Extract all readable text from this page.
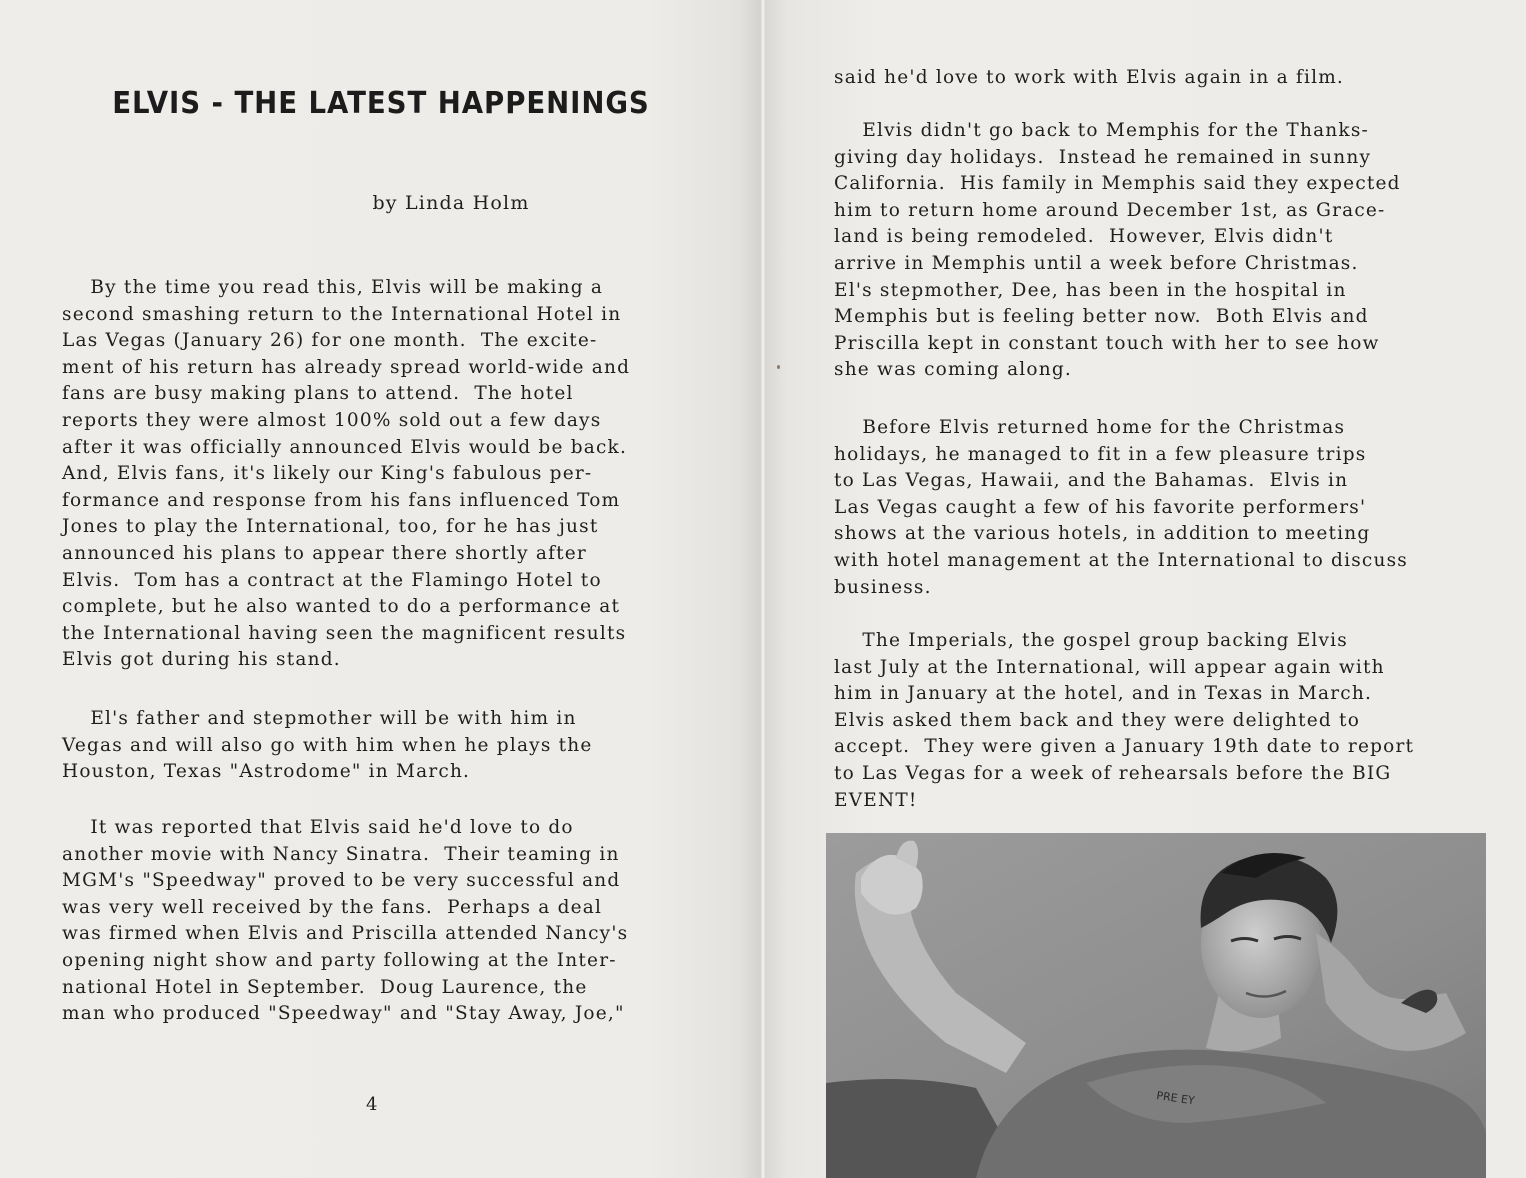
ELVIS - THE LATEST HAPPENINGS

by Linda Holm

By the time you read this, Elvis will be making a
second smashing return to the International Hotel in
Las Vegas (January 26) for one month.  The excite-
ment of his return has already spread world-wide and
fans are busy making plans to attend.  The hotel
reports they were almost 100% sold out a few days
after it was officially announced Elvis would be back.
And, Elvis fans, it's likely our King's fabulous per-
formance and response from his fans influenced Tom
Jones to play the International, too, for he has just
announced his plans to appear there shortly after
Elvis.  Tom has a contract at the Flamingo Hotel to
complete, but he also wanted to do a performance at
the International having seen the magnificent results
Elvis got during his stand.

El's father and stepmother will be with him in
Vegas and will also go with him when he plays the
Houston, Texas "Astrodome" in March.

It was reported that Elvis said he'd love to do
another movie with Nancy Sinatra.  Their teaming in
MGM's "Speedway" proved to be very successful and
was very well received by the fans.  Perhaps a deal
was firmed when Elvis and Priscilla attended Nancy's
opening night show and party following at the Inter-
national Hotel in September.  Doug Laurence, the
man who produced "Speedway" and "Stay Away, Joe,"

4

said he'd love to work with Elvis again in a film.

Elvis didn't go back to Memphis for the Thanks-
giving day holidays.  Instead he remained in sunny
California.  His family in Memphis said they expected
him to return home around December 1st, as Grace-
land is being remodeled.  However, Elvis didn't
arrive in Memphis until a week before Christmas.
El's stepmother, Dee, has been in the hospital in
Memphis but is feeling better now.  Both Elvis and
Priscilla kept in constant touch with her to see how
she was coming along.

Before Elvis returned home for the Christmas
holidays, he managed to fit in a few pleasure trips
to Las Vegas, Hawaii, and the Bahamas.  Elvis in
Las Vegas caught a few of his favorite performers'
shows at the various hotels, in addition to meeting
with hotel management at the International to discuss
business.

The Imperials, the gospel group backing Elvis
last July at the International, will appear again with
him in January at the hotel, and in Texas in March.
Elvis asked them back and they were delighted to
accept.  They were given a January 19th date to report
to Las Vegas for a week of rehearsals before the BIG
EVENT!

PRE EY
